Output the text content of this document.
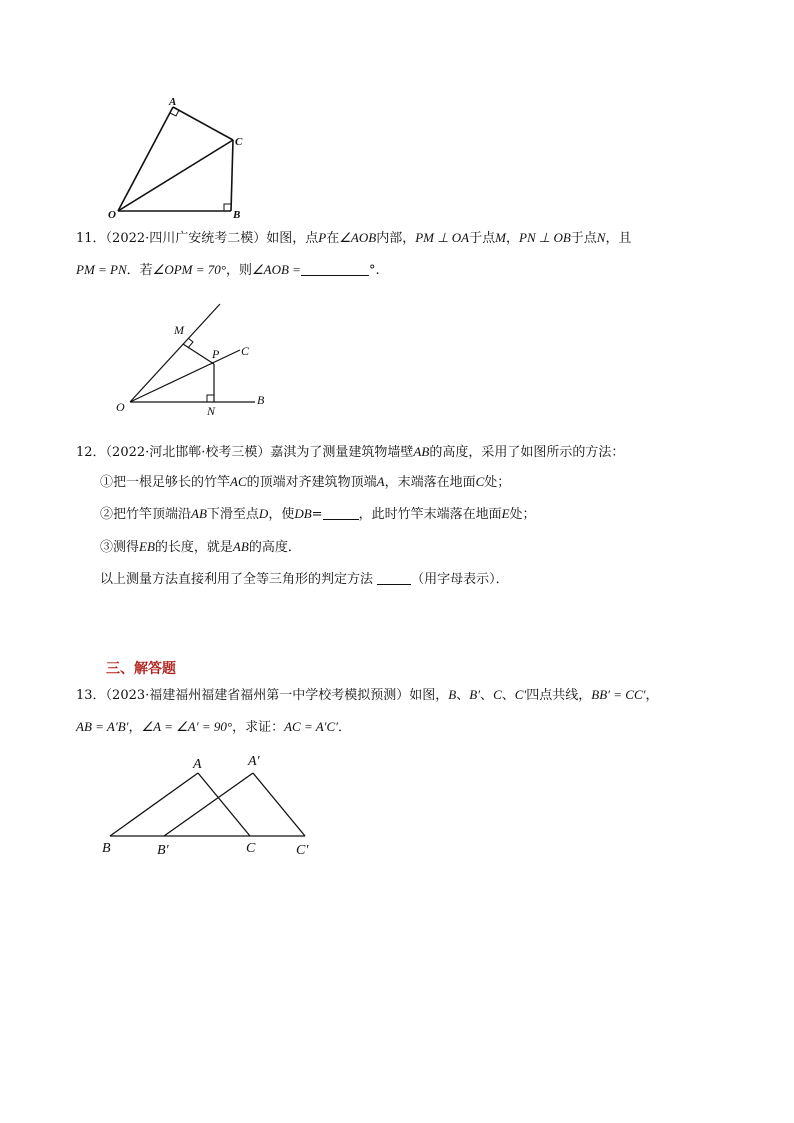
A
C
O	B
11．（2022·四川广安统考二模）如图，点P在∠AOB内部，PM ⊥ OA于点M，PN ⊥ OB于点N，且
PM = PN．若∠OPM = 70°，则∠AOB =	°.
M
P C
O	N
B
12．（2022·河北邯郸·校考三模）嘉淇为了测量建筑物墙壁AB的高度，采用了如图所示的方法：
①把一根足够长的竹竿AC的顶端对齐建筑物顶端A，末端落在地面C处；
②把竹竿顶端沿AB下滑至点D，使DB=	，此时竹竿末端落在地面E处；
③测得EB的长度，就是AB的高度．
以上测量方法直接利用了全等三角形的判定方法	（用字母表示）．
三、解答题
13．（2023·福建福州福建省福州第一中学校考模拟预测）如图，B、B′、C、C′四点共线，BB′ = CC′，
AB = A′B′，∠A = ∠A′ = 90°，求证：AC = A′C′．
A	A′
B	B′	C	C′
